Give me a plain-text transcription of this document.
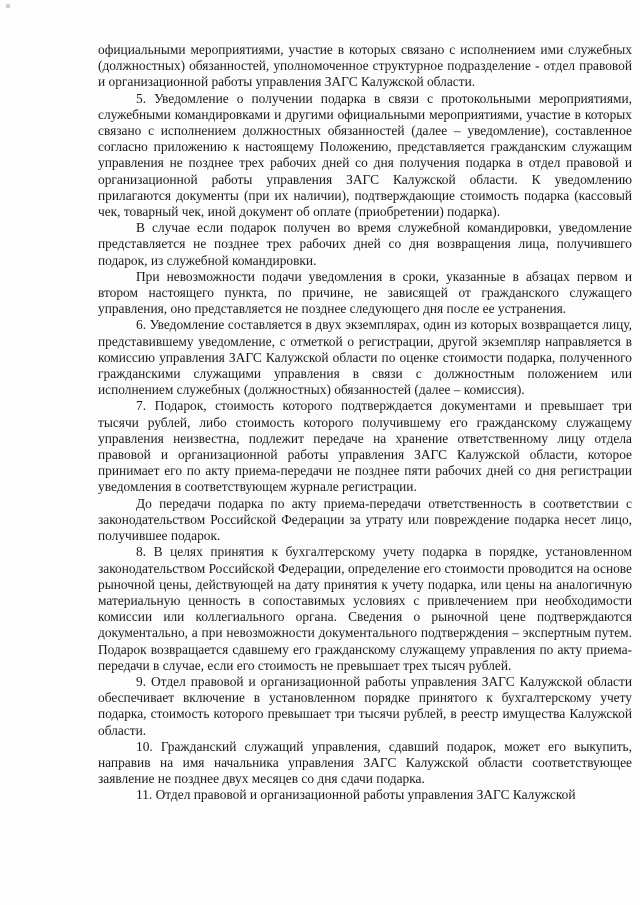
официальными мероприятиями, участие в которых связано с исполнением ими служебных (должностных) обязанностей, уполномоченное структурное подразделение - отдел правовой и организационной работы управления ЗАГС Калужской области.

5. Уведомление о получении подарка в связи с протокольными мероприятиями, служебными командировками и другими официальными мероприятиями, участие в которых связано с исполнением должностных обязанностей (далее – уведомление), составленное согласно приложению к настоящему Положению, представляется гражданским служащим управления не позднее трех рабочих дней со дня получения подарка в отдел правовой и организационной работы управления ЗАГС Калужской области. К уведомлению прилагаются документы (при их наличии), подтверждающие стоимость подарка (кассовый чек, товарный чек, иной документ об оплате (приобретении) подарка).

В случае если подарок получен во время служебной командировки, уведомление представляется не позднее трех рабочих дней со дня возвращения лица, получившего подарок, из служебной командировки.

При невозможности подачи уведомления в сроки, указанные в абзацах первом и втором настоящего пункта, по причине, не зависящей от гражданского служащего управления, оно представляется не позднее следующего дня после ее устранения.

6. Уведомление составляется в двух экземплярах, один из которых возвращается лицу, представившему уведомление, с отметкой о регистрации, другой экземпляр направляется в комиссию управления ЗАГС Калужской области по оценке стоимости подарка, полученного гражданскими служащими управления в связи с должностным положением или исполнением служебных (должностных) обязанностей (далее – комиссия).

7. Подарок, стоимость которого подтверждается документами и превышает три тысячи рублей, либо стоимость которого получившему его гражданскому служащему управления неизвестна, подлежит передаче на хранение ответственному лицу отдела правовой и организационной работы управления ЗАГС Калужской области, которое принимает его по акту приема-передачи не позднее пяти рабочих дней со дня регистрации уведомления в соответствующем журнале регистрации.

До передачи подарка по акту приема-передачи ответственность в соответствии с законодательством Российской Федерации за утрату или повреждение подарка несет лицо, получившее подарок.

8. В целях принятия к бухгалтерскому учету подарка в порядке, установленном законодательством Российской Федерации, определение его стоимости проводится на основе рыночной цены, действующей на дату принятия к учету подарка, или цены на аналогичную материальную ценность в сопоставимых условиях с привлечением при необходимости комиссии или коллегиального органа. Сведения о рыночной цене подтверждаются документально, а при невозможности документального подтверждения – экспертным путем. Подарок возвращается сдавшему его гражданскому служащему управления по акту приема-передачи в случае, если его стоимость не превышает трех тысяч рублей.

9. Отдел правовой и организационной работы управления ЗАГС Калужской области обеспечивает включение в установленном порядке принятого к бухгалтерскому учету подарка, стоимость которого превышает три тысячи рублей, в реестр имущества Калужской области.

10. Гражданский служащий управления, сдавший подарок, может его выкупить, направив на имя начальника управления ЗАГС Калужской области соответствующее заявление не позднее двух месяцев со дня сдачи подарка.

11. Отдел правовой и организационной работы управления ЗАГС Калужской
